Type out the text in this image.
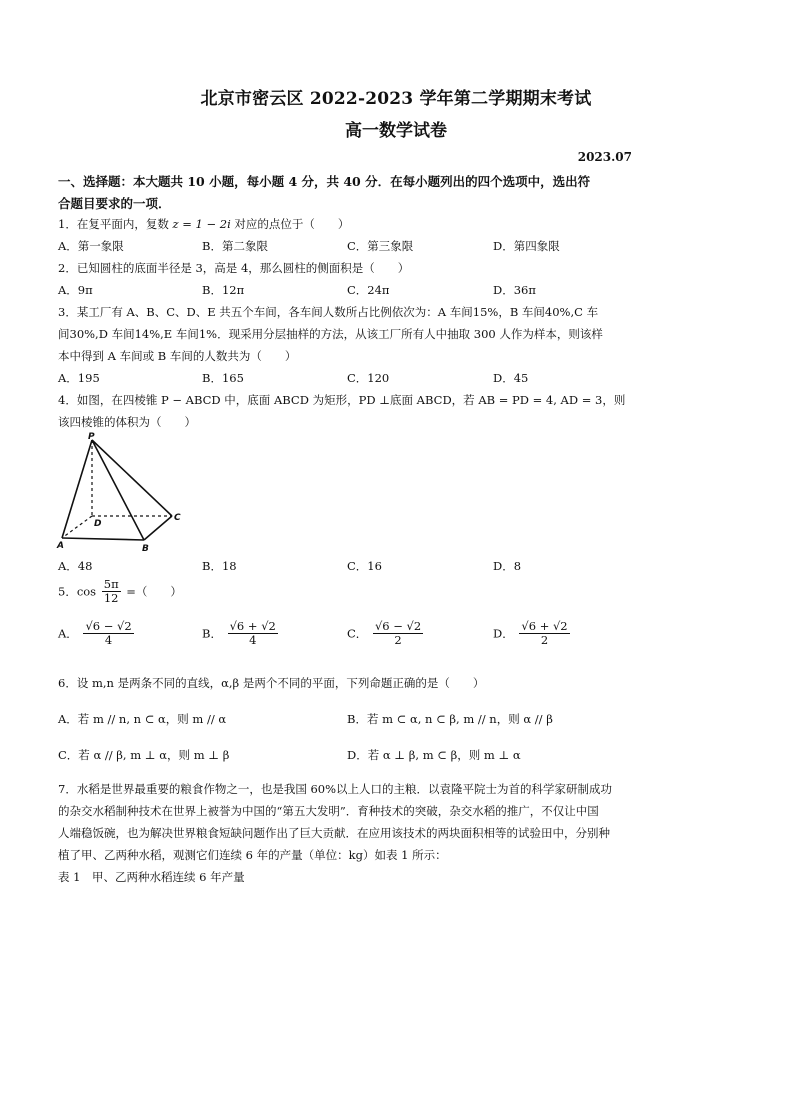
北京市密云区 2022-2023 学年第二学期期末考试
高一数学试卷
2023.07
一、选择题：本大题共 10 小题，每小题 4 分，共 40 分．在每小题列出的四个选项中，选出符
合题目要求的一项．
1．在复平面内，复数 z = 1 − 2i 对应的点位于（　　）
A．第一象限	B．第二象限	C．第三象限	D．第四象限
2．已知圆柱的底面半径是 3，高是 4，那么圆柱的侧面积是（　　）
A．9π	B．12π	C．24π	D．36π
3．某工厂有 A、B、C、D、E 共五个车间，各车间人数所占比例依次为：A 车间15%，B 车间40%,C 车
间30%,D 车间14%,E 车间1%．现采用分层抽样的方法，从该工厂所有人中抽取 300 人作为样本，则该样
本中得到 A 车间或 B 车间的人数共为（　　）
A．195	B．165	C．120	D．45
4．如图，在四棱锥 P − ABCD 中，底面 ABCD 为矩形，PD ⊥底面 ABCD，若 AB = PD = 4, AD = 3，则
该四棱锥的体积为（　　）
P
A	B
C
D
A．48	B．18	C．16	D．8
5．$\cos \frac{5\pi}{12}$ =（　　）
A． $\frac{√6 - √2}{4}$	B． $\frac{√6 + √2}{4}$	C． $\frac{√6 - √2}{2}$	D． $\frac{√6 + √2}{2}$
6．设 m,n 是两条不同的直线，α,β 是两个不同的平面，下列命题正确的是（　　）
A．若 m // n, n ⊂ α，则 m // α	B．若 m ⊂ α, n ⊂ β, m // n，则 α // β
C．若 α // β, m ⊥ α，则 m ⊥ β	D．若 α ⊥ β, m ⊂ β，则 m ⊥ α
7．水稻是世界最重要的粮食作物之一，也是我国 60%以上人口的主粮．以袁隆平院士为首的科学家研制成功
的杂交水稻制种技术在世界上被誉为中国的“第五大发明”．育种技术的突破，杂交水稻的推广，不仅让中国
人端稳饭碗，也为解决世界粮食短缺问题作出了巨大贡献．在应用该技术的两块面积相等的试验田中，分别种
植了甲、乙两种水稻，观测它们连续 6 年的产量（单位：kg）如表 1 所示：
表 1　甲、乙两种水稻连续 6 年产量
